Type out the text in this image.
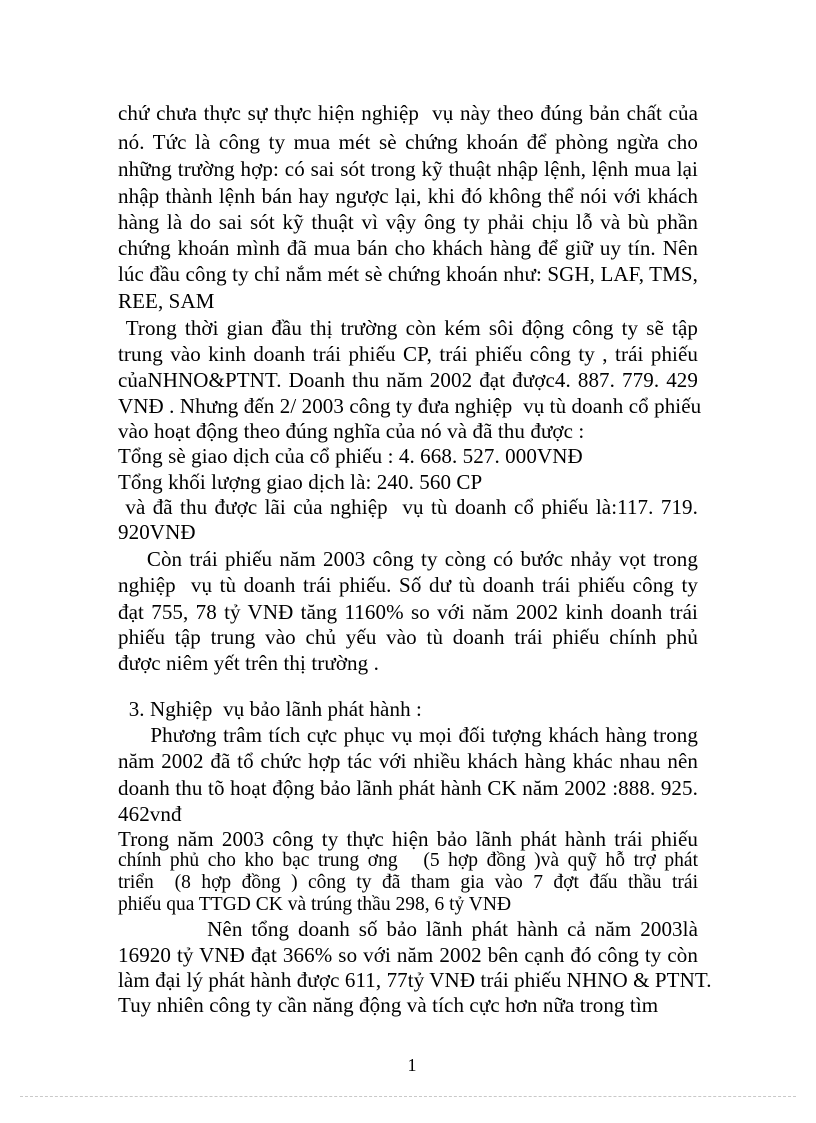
chứ chưa thực sự thực hiện nghiệp  vụ này theo đúng bản chất của
nó. Tức là công ty mua mét sè chứng khoán để phòng ngừa cho
những trường hợp: có sai sót trong kỹ thuật nhập lệnh, lệnh mua lại
nhập thành lệnh bán hay ngược lại, khi đó không thể nói với khách
hàng là do sai sót kỹ thuật vì vậy ông ty phải chịu lỗ và bù phần
chứng khoán mình đã mua bán cho khách hàng để giữ uy tín. Nên
lúc đầu công ty chỉ nắm mét sè chứng khoán như: SGH, LAF, TMS,
REE, SAM
Trong thời gian đầu thị trường còn kém sôi động công ty sẽ tập
trung vào kinh doanh trái phiếu CP, trái phiếu công ty , trái phiếu
củaNHNO&PTNT. Doanh thu năm 2002 đạt được4. 887. 779. 429
VNĐ . Nhưng đến 2/ 2003 công ty đưa nghiệp  vụ tù doanh cổ phiếu
vào hoạt động theo đúng nghĩa của nó và đã thu được :
Tổng sè giao dịch của cổ phiếu : 4. 668. 527. 000VNĐ
Tổng khối lượng giao dịch là: 240. 560 CP
và đã thu được lãi của nghiệp  vụ tù doanh cổ phiếu là:117. 719.
920VNĐ
Còn trái phiếu năm 2003 công ty còng có bước nhảy vọt trong
nghiệp  vụ tù doanh trái phiếu. Số dư tù doanh trái phiếu công ty
đạt 755, 78 tỷ VNĐ tăng 1160% so với năm 2002 kinh doanh trái
phiếu tập trung vào chủ yếu vào tù doanh trái phiếu chính phủ
được niêm yết trên thị trường .
3. Nghiệp  vụ bảo lãnh phát hành :
Phương trâm tích cực phục vụ mọi đối tượng khách hàng trong
năm 2002 đã tổ chức hợp tác với nhiều khách hàng khác nhau nên
doanh thu tõ hoạt động bảo lãnh phát hành CK năm 2002 :888. 925.
462vnđ
Trong năm 2003 công ty thực hiện bảo lãnh phát hành trái phiếu
chính phủ cho kho bạc trung ơng   (5 hợp đồng )và quỹ hỗ trợ phát
triển  (8 hợp đồng ) công ty đã tham gia vào 7 đợt đấu thầu trái
phiếu qua TTGD CK và trúng thầu 298, 6 tỷ VNĐ
Nên tổng doanh số bảo lãnh phát hành cả năm 2003là
16920 tỷ VNĐ đạt 366% so với năm 2002 bên cạnh đó công ty còn
làm đại lý phát hành được 611, 77tỷ VNĐ trái phiếu NHNO & PTNT.
Tuy nhiên công ty cần năng động và tích cực hơn nữa trong tìm
1
